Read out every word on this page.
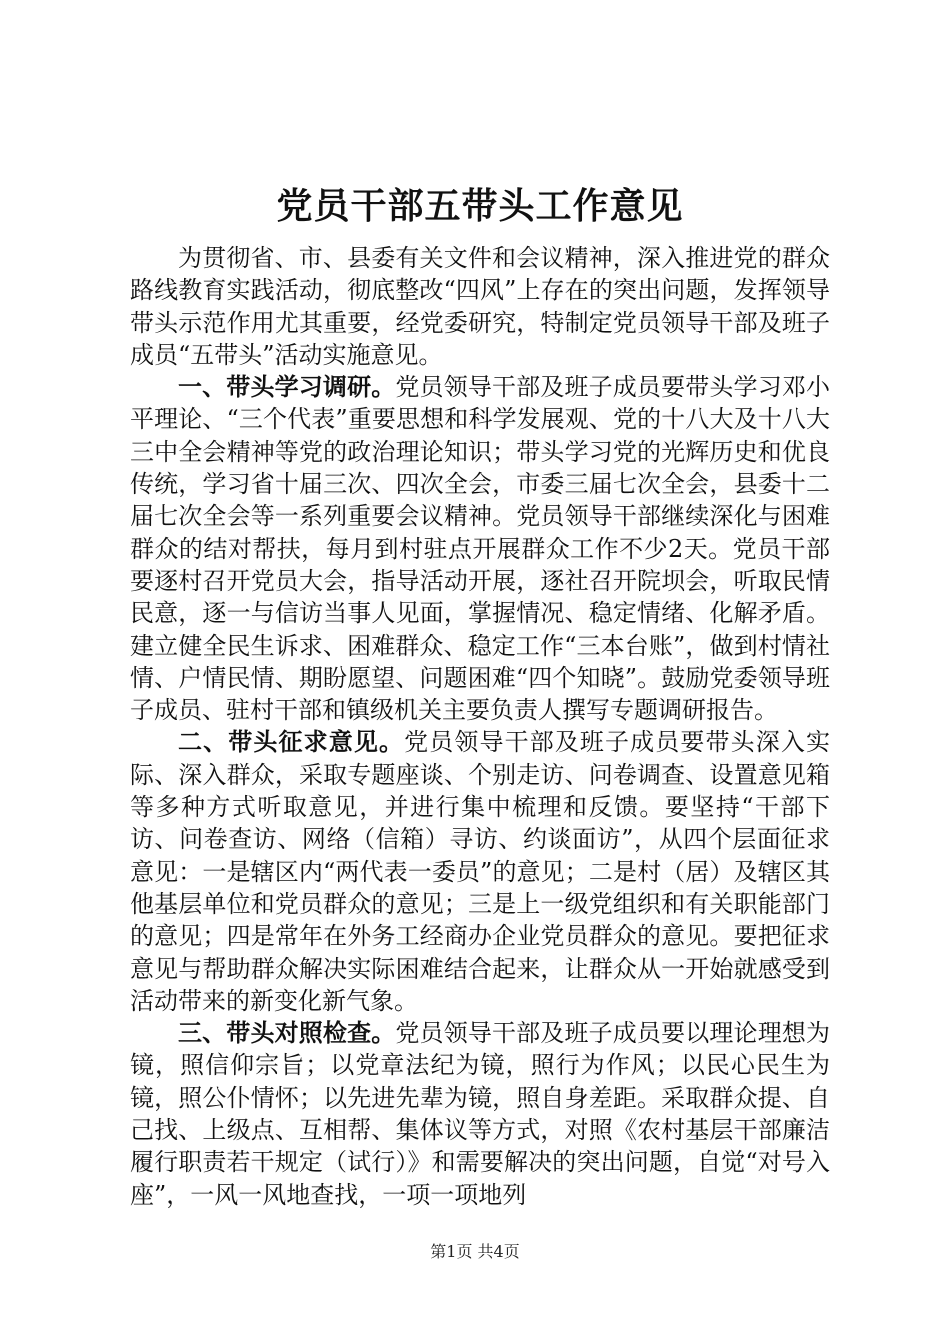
党员干部五带头工作意见

为贯彻省、市、县委有关文件和会议精神，深入推进党的群众路线教育实践活动，彻底整改“四风”上存在的突出问题，发挥领导带头示范作用尤其重要，经党委研究，特制定党员领导干部及班子成员“五带头”活动实施意见。

一、带头学习调研。党员领导干部及班子成员要带头学习邓小平理论、“三个代表”重要思想和科学发展观、党的十八大及十八大三中全会精神等党的政治理论知识；带头学习党的光辉历史和优良传统，学习省十届三次、四次全会，市委三届七次全会，县委十二届七次全会等一系列重要会议精神。党员领导干部继续深化与困难群众的结对帮扶，每月到村驻点开展群众工作不少2天。党员干部要逐村召开党员大会，指导活动开展，逐社召开院坝会，听取民情民意，逐一与信访当事人见面，掌握情况、稳定情绪、化解矛盾。建立健全民生诉求、困难群众、稳定工作“三本台账”，做到村情社情、户情民情、期盼愿望、问题困难“四个知晓”。鼓励党委领导班子成员、驻村干部和镇级机关主要负责人撰写专题调研报告。

二、带头征求意见。党员领导干部及班子成员要带头深入实际、深入群众，采取专题座谈、个别走访、问卷调查、设置意见箱等多种方式听取意见，并进行集中梳理和反馈。要坚持“干部下访、问卷查访、网络（信箱）寻访、约谈面访”，从四个层面征求意见：一是辖区内“两代表一委员”的意见；二是村（居）及辖区其他基层单位和党员群众的意见；三是上一级党组织和有关职能部门的意见；四是常年在外务工经商办企业党员群众的意见。要把征求意见与帮助群众解决实际困难结合起来，让群众从一开始就感受到活动带来的新变化新气象。

三、带头对照检查。党员领导干部及班子成员要以理论理想为镜，照信仰宗旨；以党章法纪为镜，照行为作风；以民心民生为镜，照公仆情怀；以先进先辈为镜，照自身差距。采取群众提、自己找、上级点、互相帮、集体议等方式，对照《农村基层干部廉洁履行职责若干规定（试行）》和需要解决的突出问题，自觉“对号入座”，一风一风地查找，一项一项地列

第1页 共4页
